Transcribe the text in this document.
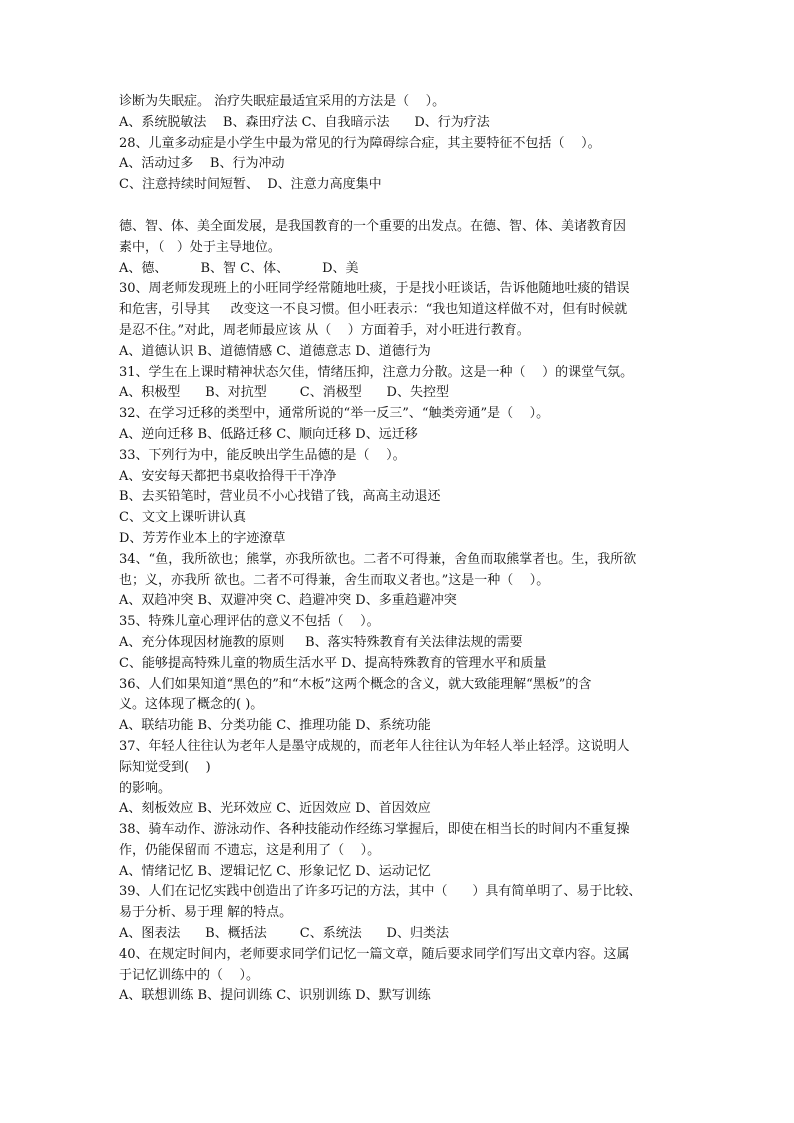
诊断为失眠症。 治疗失眠症最适宜采用的方法是（    ）。

A、系统脱敏法    B、森田疗法 C、自我暗示法      D、行为疗法

28、儿童多动症是小学生中最为常见的行为障碍综合症，其主要特征不包括（    ）。

A、活动过多    B、行为冲动

C、注意持续时间短暂、  D、注意力高度集中

德、智、体、美全面发展，是我国教育的一个重要的出发点。在德、智、体、美诸教育因

素中，（   ）处于主导地位。

A、德、        B、智 C、体、        D、美

30、周老师发现班上的小旺同学经常随地吐痰，于是找小旺谈话，告诉他随地吐痰的错误

和危害，引导其     改变这一不良习惯。但小旺表示：“我也知道这样做不对，但有时候就

是忍不住。”对此，周老师最应该 从（    ）方面着手，对小旺进行教育。

A、道德认识 B、道德情感 C、道德意志 D、道德行为

31、学生在上课时精神状态欠佳，情绪压抑，注意力分散。这是一种（    ）的课堂气氛。

A、积极型      B、对抗型        C、消极型      D、失控型

32、在学习迁移的类型中，通常所说的“举一反三”、“触类旁通”是（    ）。

A、逆向迁移 B、低路迁移 C、顺向迁移 D、远迁移

33、下列行为中，能反映出学生品德的是（    ）。

A、安安每天都把书桌收拾得干干净净

B、去买铅笔时，营业员不小心找错了钱，高高主动退还

C、文文上课听讲认真

D、芳芳作业本上的字迹潦草

34、“鱼，我所欲也；熊掌，亦我所欲也。二者不可得兼，舍鱼而取熊掌者也。生，我所欲

也；义，亦我所 欲也。二者不可得兼，舍生而取义者也。”这是一种（    ）。

A、双趋冲突 B、双避冲突 C、趋避冲突 D、多重趋避冲突

35、特殊儿童心理评估的意义不包括（    ）。

A、充分体现因材施教的原则     B、落实特殊教育有关法律法规的需要

C、能够提高特殊儿童的物质生活水平 D、提高特殊教育的管理水平和质量

36、人们如果知道“黑色的”和“木板”这两个概念的含义，就大致能理解“黑板”的含

义。这体现了概念的( )。

A、联结功能 B、分类功能 C、推理功能 D、系统功能

37、年轻人往往认为老年人是墨守成规的，而老年人往往认为年轻人举止轻浮。这说明人

际知觉受到(    )

的影响。

A、刻板效应 B、光环效应 C、近因效应 D、首因效应

38、骑车动作、游泳动作、各种技能动作经练习掌握后，即使在相当长的时间内不重复操

作，仍能保留而 不遗忘，这是利用了（    ）。

A、情绪记忆 B、逻辑记忆 C、形象记忆 D、运动记忆

39、人们在记忆实践中创造出了许多巧记的方法，其中（      ）具有简单明了、易于比较、

易于分析、易于理 解的特点。

A、图表法      B、概括法        C、系统法      D、归类法

40、在规定时间内，老师要求同学们记忆一篇文章，随后要求同学们写出文章内容。这属

于记忆训练中的（    ）。

A、联想训练 B、提问训练 C、识别训练 D、默写训练
